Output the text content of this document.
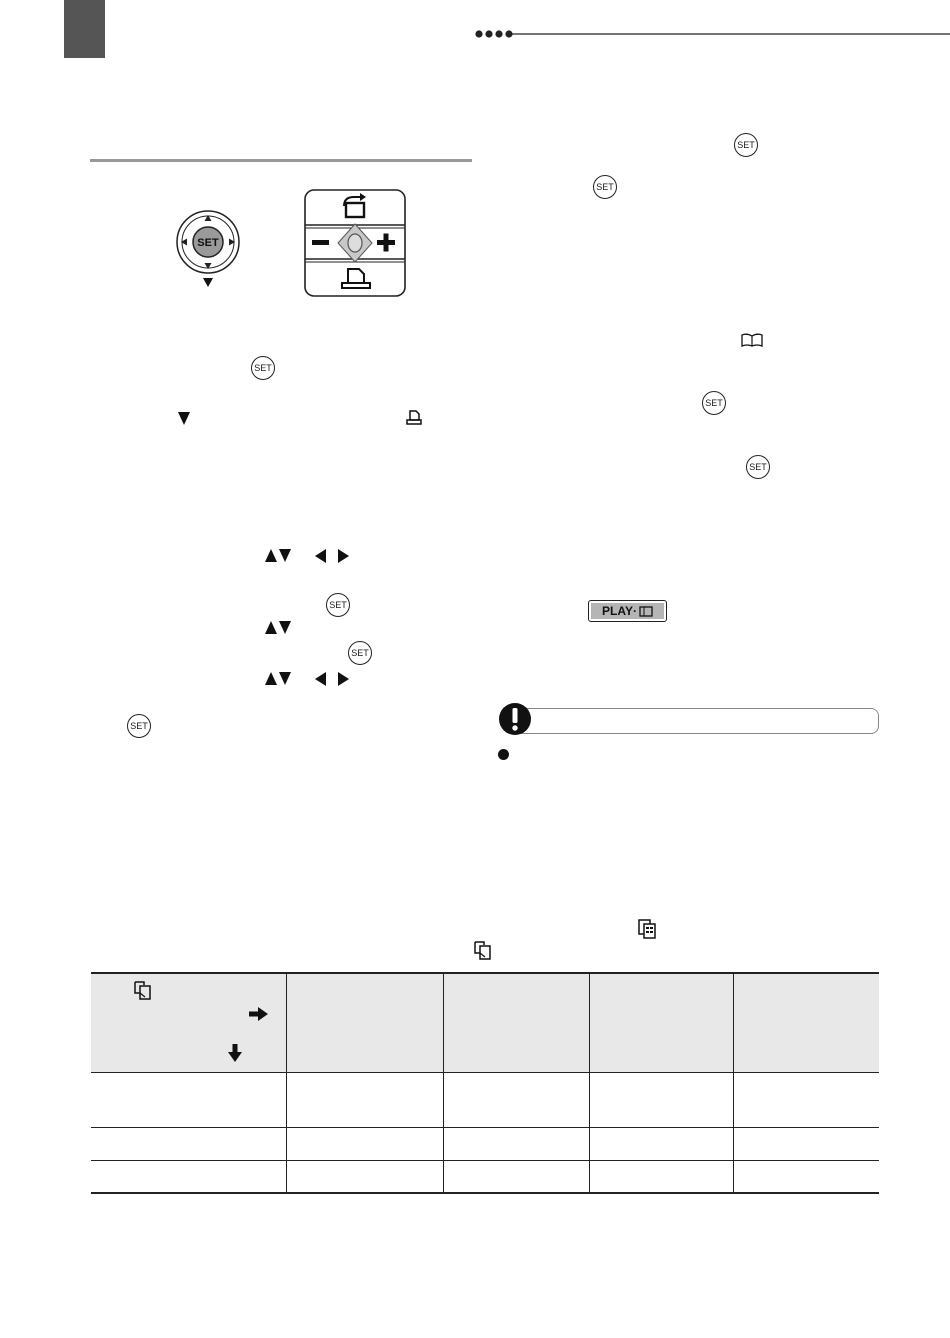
SET
SET
SET
SET
SET
SET
SET
SET
SET
PLAY·
